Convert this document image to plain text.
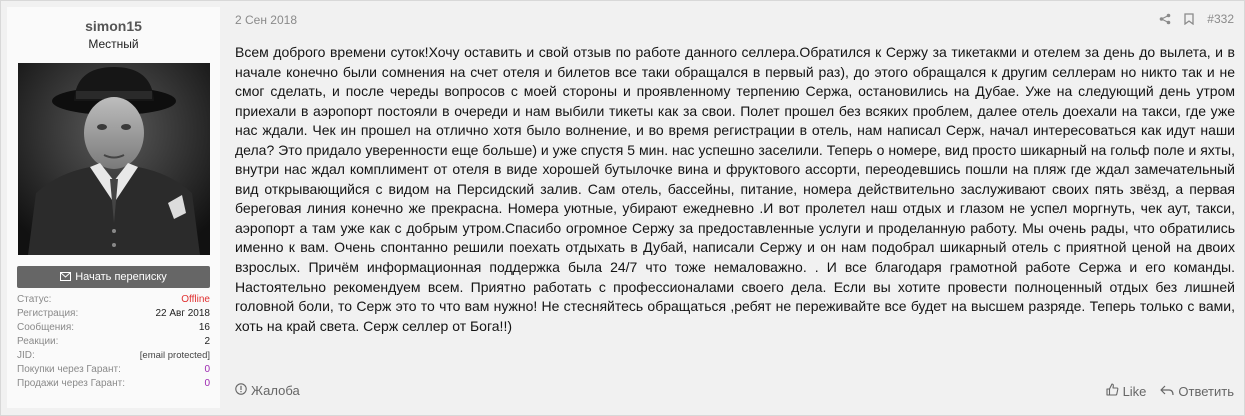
simon15
Местный
Начать переписку
Статус:	Offline
Регистрация:	22 Авг 2018
Сообщения:	16
Реакции:	2
JID:	[email protected]
Покупки через Гарант:	0
Продажи через Гарант:	0
2 Сен 2018	#332
Всем доброго времени суток!Хочу оставить и свой отзыв по работе данного селлера.Обратился к Сержу за тикетакми и отелем за день до вылета, и в начале конечно были сомнения на счет отеля и билетов все таки обращался в первый раз), до этого обращался к другим селлерам но никто так и не смог сделать, и после череды вопросов с моей стороны и проявленному терпению Сержа, остановились на Дубае. Уже на следующий день утром приехали в аэропорт постояли в очереди и нам выбили тикеты как за свои. Полет прошел без всяких проблем, далее отель доехали на такси, где уже нас ждали. Чек ин прошел на отлично хотя было волнение, и во время регистрации в отель, нам написал Серж, начал интересоваться как идут наши дела? Это придало уверенности еще больше) и уже спустя 5 мин. нас успешно заселили. Теперь о номере, вид просто шикарный на гольф поле и яхты, внутри нас ждал комплимент от отеля в виде хорошей бутылочке вина и фруктового ассорти, переодевшись пошли на пляж где ждал замечательный вид открывающийся с видом на Персидский залив. Сам отель, бассейны, питание, номера действительно заслуживают своих пять звёзд, а первая береговая линия конечно же прекрасна. Номера уютные, убирают ежедневно .И вот пролетел наш отдых и глазом не успел моргнуть, чек аут, такси, аэропорт а там уже как с добрым утром.Спасибо огромное Сержу за предоставленные услуги и проделанную работу. Мы очень рады, что обратились именно к вам. Очень спонтанно решили поехать отдыхать в Дубай, написали Сержу и он нам подобрал шикарный отель с приятной ценой на двоих взрослых. Причём информационная поддержка была 24/7 что тоже немаловажно. . И все благодаря грамотной работе Сержа и его команды. Настоятельно рекомендуем всем. Приятно работать с профессионалами своего дела. Если вы хотите провести полноценный отдых без лишней головной боли, то Серж это то что вам нужно! Не стесняйтесь обращаться ,ребят не переживайте все будет на высшем разряде. Теперь только с вами, хоть на край света. Серж селлер от Бога!!)
Жалоба	Like Ответить
